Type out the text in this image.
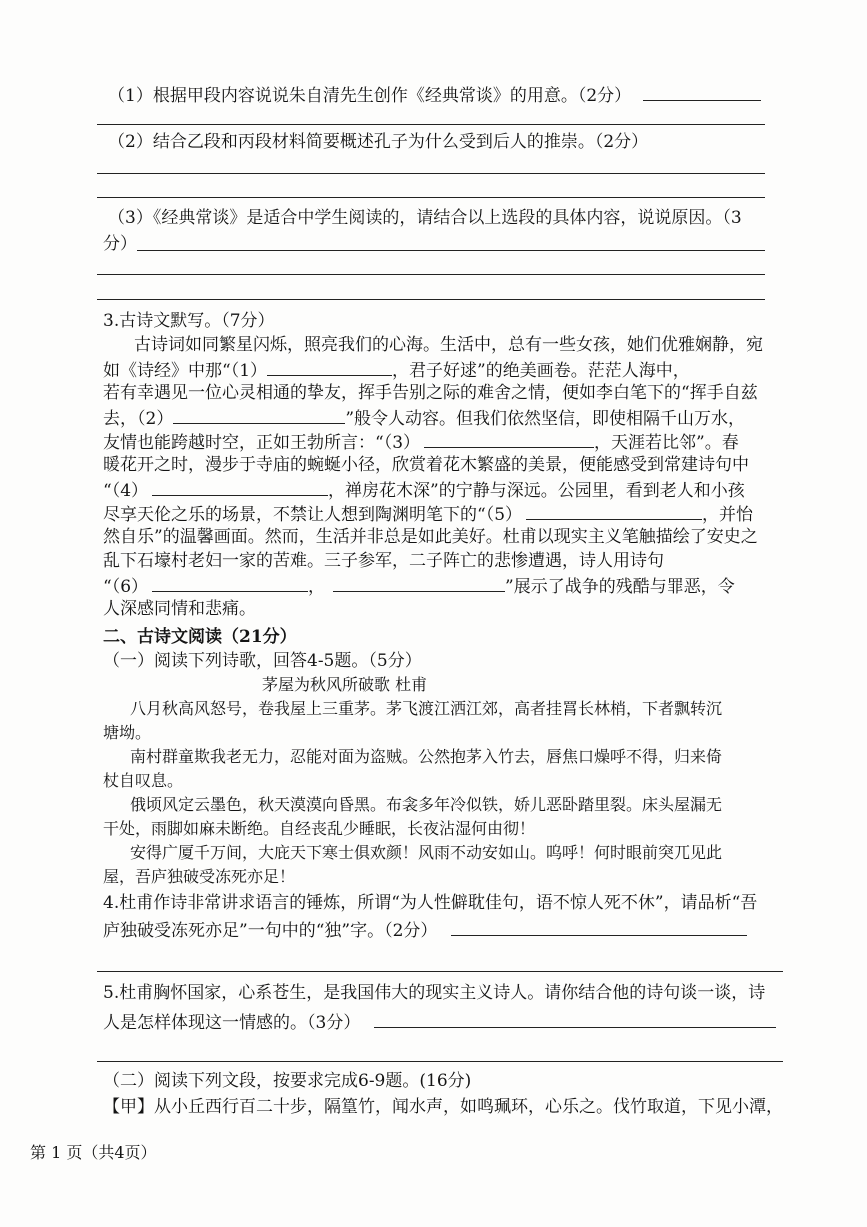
（1）根据甲段内容说说朱自清先生创作《经典常谈》的用意。（2分）
（2）结合乙段和丙段材料简要概述孔子为什么受到后人的推崇。（2分）
（3）《经典常谈》是适合中学生阅读的，请结合以上选段的具体内容，说说原因。（3
分）
3.古诗文默写。（7分）
古诗词如同繁星闪烁，照亮我们的心海。生活中，总有一些女孩，她们优雅娴静，宛
如《诗经》中那“（1）	，君子好逑”的绝美画卷。茫茫人海中，
若有幸遇见一位心灵相通的挚友，挥手告别之际的难舍之情，便如李白笔下的“挥手自兹
去，（2）	”般令人动容。但我们依然坚信，即使相隔千山万水，
友情也能跨越时空，正如王勃所言：“（3）	，天涯若比邻”。春
暖花开之时，漫步于寺庙的蜿蜒小径，欣赏着花木繁盛的美景，便能感受到常建诗句中
“（4）	，禅房花木深”的宁静与深远。公园里，看到老人和小孩
尽享天伦之乐的场景，不禁让人想到陶渊明笔下的“（5）	，并怡
然自乐”的温馨画面。然而，生活并非总是如此美好。杜甫以现实主义笔触描绘了安史之
乱下石壕村老妇一家的苦难。三子参军，二子阵亡的悲惨遭遇，诗人用诗句
“（6）	，	”展示了战争的残酷与罪恶，令
人深感同情和悲痛。
二、古诗文阅读（21分）
（一）阅读下列诗歌，回答4-5题。（5分）
茅屋为秋风所破歌 杜甫
八月秋高风怒号，卷我屋上三重茅。茅飞渡江洒江郊，高者挂罥长林梢，下者飘转沉
塘坳。
南村群童欺我老无力，忍能对面为盗贼。公然抱茅入竹去，唇焦口燥呼不得，归来倚
杖自叹息。
俄顷风定云墨色，秋天漠漠向昏黑。布衾多年冷似铁，娇儿恶卧踏里裂。床头屋漏无
干处，雨脚如麻未断绝。自经丧乱少睡眠，长夜沾湿何由彻！
安得广厦千万间，大庇天下寒士俱欢颜！风雨不动安如山。呜呼！何时眼前突兀见此
屋，吾庐独破受冻死亦足！
4.杜甫作诗非常讲求语言的锤炼，所谓“为人性僻耽佳句，语不惊人死不休”，请品析“吾
庐独破受冻死亦足”一句中的“独”字。（2分）
5.杜甫胸怀国家，心系苍生，是我国伟大的现实主义诗人。请你结合他的诗句谈一谈，诗
人是怎样体现这一情感的。（3分）
（二）阅读下列文段，按要求完成6-9题。(16分)
【甲】从小丘西行百二十步，隔篁竹，闻水声，如鸣珮环，心乐之。伐竹取道，下见小潭，
第 1 页（共4页）
